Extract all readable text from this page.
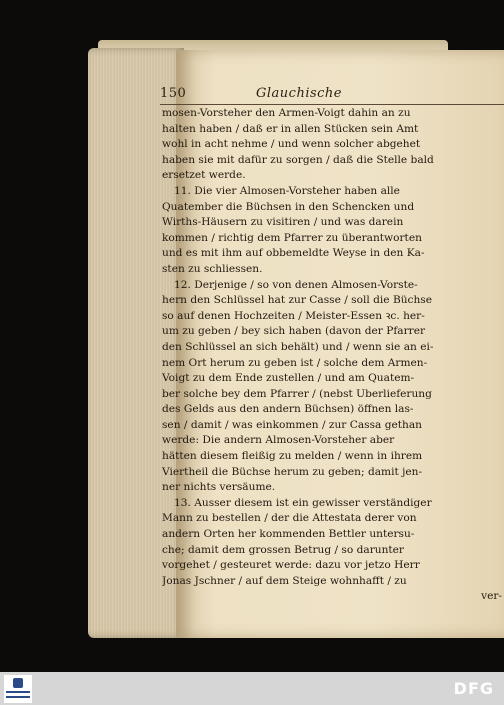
150	Glauchische
mosen-Vorsteher den Armen-Voigt dahin an zu
halten haben / daß er in allen Stücken sein Amt
wohl in acht nehme / und wenn solcher abgehet
haben sie mit dafür zu sorgen / daß die Stelle bald
ersetzet werde.
11. Die vier Almosen-Vorsteher haben alle
Quatember die Büchsen in den Schencken und
Wirths-Häusern zu visitiren / und was darein
kommen / richtig dem Pfarrer zu überantworten
und es mit ihm auf obbemeldte Weyse in den Ka-
sten zu schliessen.
12. Derjenige / so von denen Almosen-Vorste-
hern den Schlüssel hat zur Casse / soll die Büchse
so auf denen Hochzeiten / Meister-Essen ꝛc. her-
um zu geben / bey sich haben (davon der Pfarrer
den Schlüssel an sich behält) und / wenn sie an ei-
nem Ort herum zu geben ist / solche dem Armen-
Voigt zu dem Ende zustellen / und am Quatem-
ber solche bey dem Pfarrer / (nebst Uberlieferung
des Gelds aus den andern Büchsen) öffnen las-
sen / damit / was einkommen / zur Cassa gethan
werde: Die andern Almosen-Vorsteher aber
hätten diesem fleißig zu melden / wenn in ihrem
Viertheil die Büchse herum zu geben; damit jen-
ner nichts versäume.
13. Ausser diesem ist ein gewisser verständiger
Mann zu bestellen / der die Attestata derer von
andern Orten her kommenden Bettler untersu-
che; damit dem grossen Betrug / so darunter
vorgehet / gesteuret werde: dazu vor jetzo Herr
Jonas Jschner / auf dem Steige wohnhafft / zu
ver-
DFG
